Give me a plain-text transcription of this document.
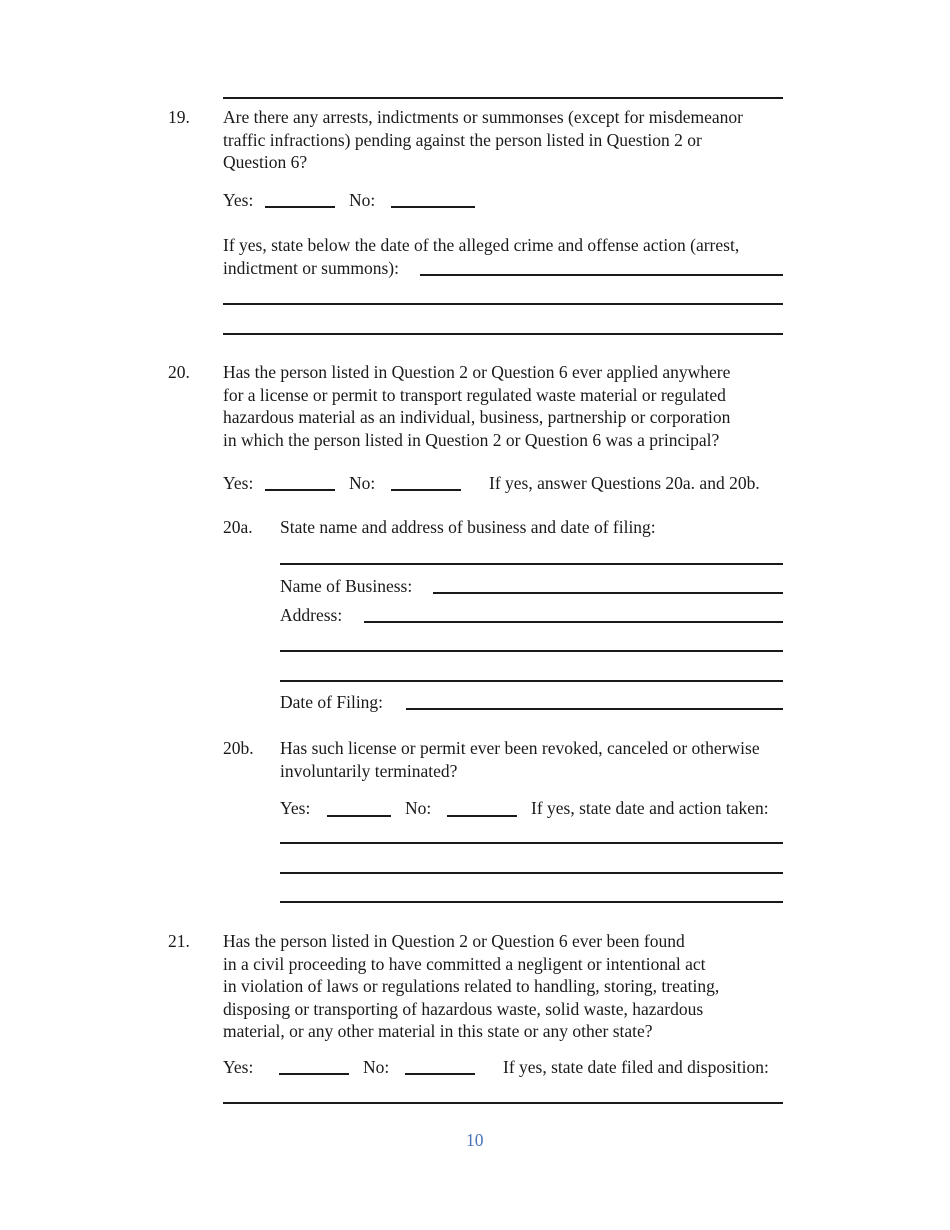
19. Are there any arrests, indictments or summonses (except for misdemeanor
traffic infractions) pending against the person listed in Question 2 or
Question 6?
Yes:	No:
If yes, state below the date of the alleged crime and offense action (arrest,
indictment or summons):
20. Has the person listed in Question 2 or Question 6 ever applied anywhere
for a license or permit to transport regulated waste material or regulated
hazardous material as an individual, business, partnership or corporation
in which the person listed in Question 2 or Question 6 was a principal?
Yes:	No:	If yes, answer Questions 20a. and 20b.
20a. State name and address of business and date of filing:
Name of Business:
Address:
Date of Filing:
20b. Has such license or permit ever been revoked, canceled or otherwise
involuntarily terminated?
Yes:	No:	If yes, state date and action taken:
21. Has the person listed in Question 2 or Question 6 ever been found
in a civil proceeding to have committed a negligent or intentional act
in violation of laws or regulations related to handling, storing, treating,
disposing or transporting of hazardous waste, solid waste, hazardous
material, or any other material in this state or any other state?
Yes:	No:	If yes, state date filed and disposition:
10
